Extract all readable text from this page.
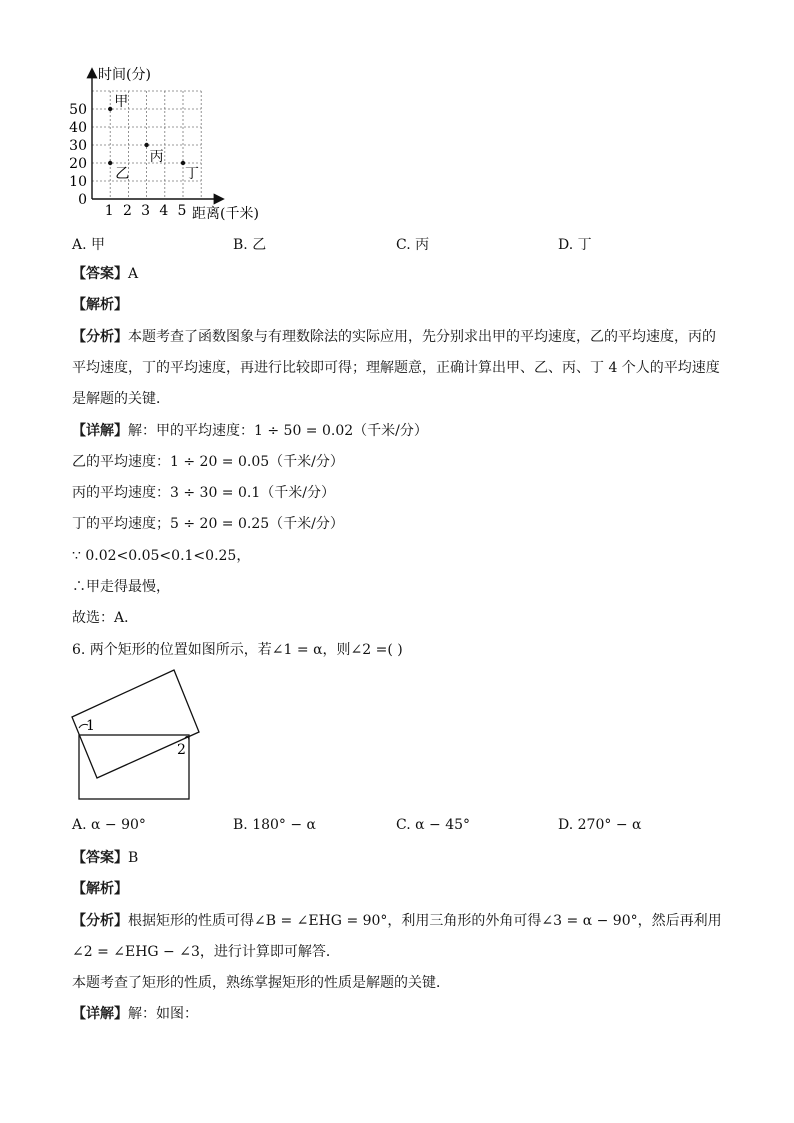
时间(分)
距离(千米)
50
40
30
20
10
0
1 2 3 4 5
甲
乙
丙
丁
A. 甲	B. 乙	C. 丙	D. 丁
【答案】A
【解析】
【分析】本题考查了函数图象与有理数除法的实际应用，先分别求出甲的平均速度，乙的平均速度，丙的
平均速度，丁的平均速度，再进行比较即可得；理解题意，正确计算出甲、乙、丙、丁 4 个人的平均速度
是解题的关键．
【详解】解：甲的平均速度：1 ÷ 50 = 0.02（千米/分）
乙的平均速度：1 ÷ 20 = 0.05（千米/分）
丙的平均速度：3 ÷ 30 = 0.1（千米/分）
丁的平均速度；5 ÷ 20 = 0.25（千米/分）
∵ 0.02<0.05<0.1<0.25，
∴甲走得最慢，
故选：A．
6. 两个矩形的位置如图所示，若∠1 = α，则∠2 =( )
1
2
A. α − 90°	B. 180° − α	C. α − 45°	D. 270° − α
【答案】B
【解析】
【分析】根据矩形的性质可得∠B = ∠EHG = 90°，利用三角形的外角可得∠3 = α − 90°，然后再利用
∠2 = ∠EHG − ∠3，进行计算即可解答．
本题考查了矩形的性质，熟练掌握矩形的性质是解题的关键．
【详解】解：如图：
